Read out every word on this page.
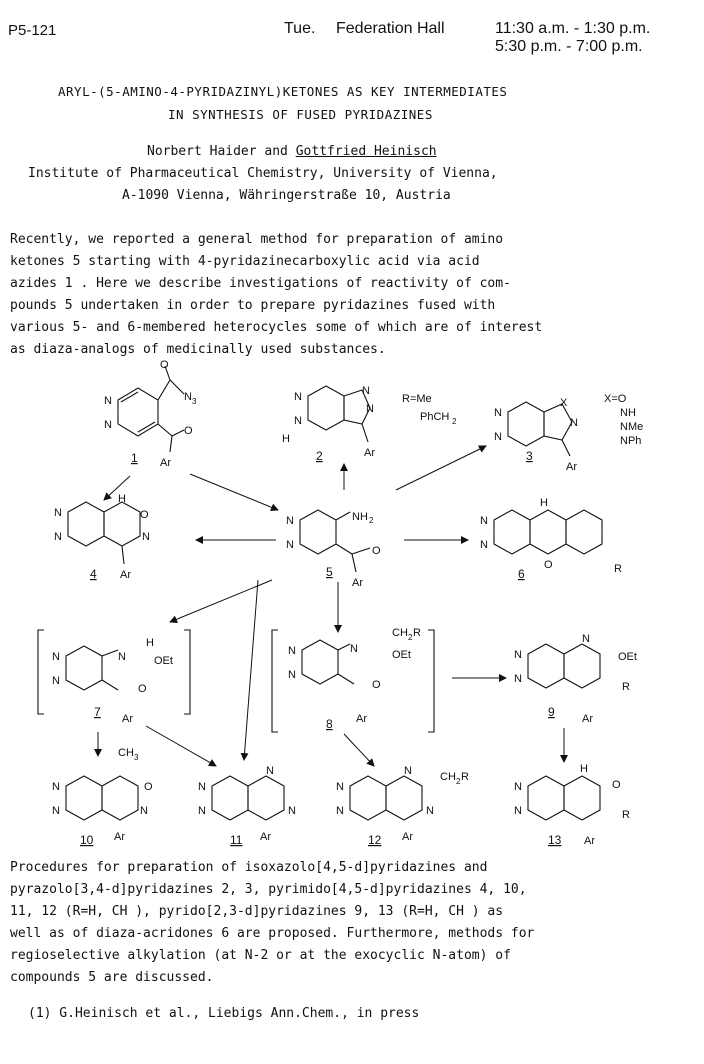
P5-121

	Tue.

Federation Hall

	11:30 a.m. - 1:30 p.m.

5:30 p.m. - 7:00 p.m.

ARYL-(5-AMINO-4-PYRIDAZINYL)KETONES AS KEY INTERMEDIATES
IN SYNTHESIS OF FUSED PYRIDAZINES
Norbert Haider and Gottfried Heinisch
Institute of Pharmaceutical Chemistry, University of Vienna,
A-1090 Vienna, Währingerstraße 10, Austria
Recently, we reported a general method for preparation of amino
ketones 5 starting with 4-pyridazinecarboxylic acid via acid
azides 1 . Here we describe investigations of reactivity of com-
pounds 5 undertaken in order to prepare pyridazines fused with
various 5- and 6-membered heterocycles some of which are of interest
as diaza-analogs of medicinally used substances.
N
N
O
N 3
O
Ar
1
N
N
H
N
N
Ar
2
R=Me
PhCH 2
N
N
X
N
Ar
3
X=O
NH
NMe
NPh
N
N
H
O
N
Ar
4
N
N
NH 2
O
Ar
5
N
N
H
O	R
6
N
N
N
H
OEt
O
Ar
7
N
N
N
CH 2 R
OEt
O
Ar
8
N
N
N
OEt
R
Ar
9
N
N
CH 3
O
N
Ar
10
N
N
N
N
Ar
11
N
N
N
N
CH 2 R
Ar
12
N
N
H
O
R
Ar
13
Procedures for preparation of isoxazolo[4,5-d]pyridazines and
pyrazolo[3,4-d]pyridazines 2, 3, pyrimido[4,5-d]pyridazines 4, 10,
11, 12 (R=H, CH ), pyrido[2,3-d]pyridazines 9, 13 (R=H, CH ) as
well as of diaza-acridones 6 are proposed. Furthermore, methods for
regioselective alkylation (at N-2 or at the exocyclic N-atom) of
compounds 5 are discussed.
(1) G.Heinisch et al., Liebigs Ann.Chem., in press
